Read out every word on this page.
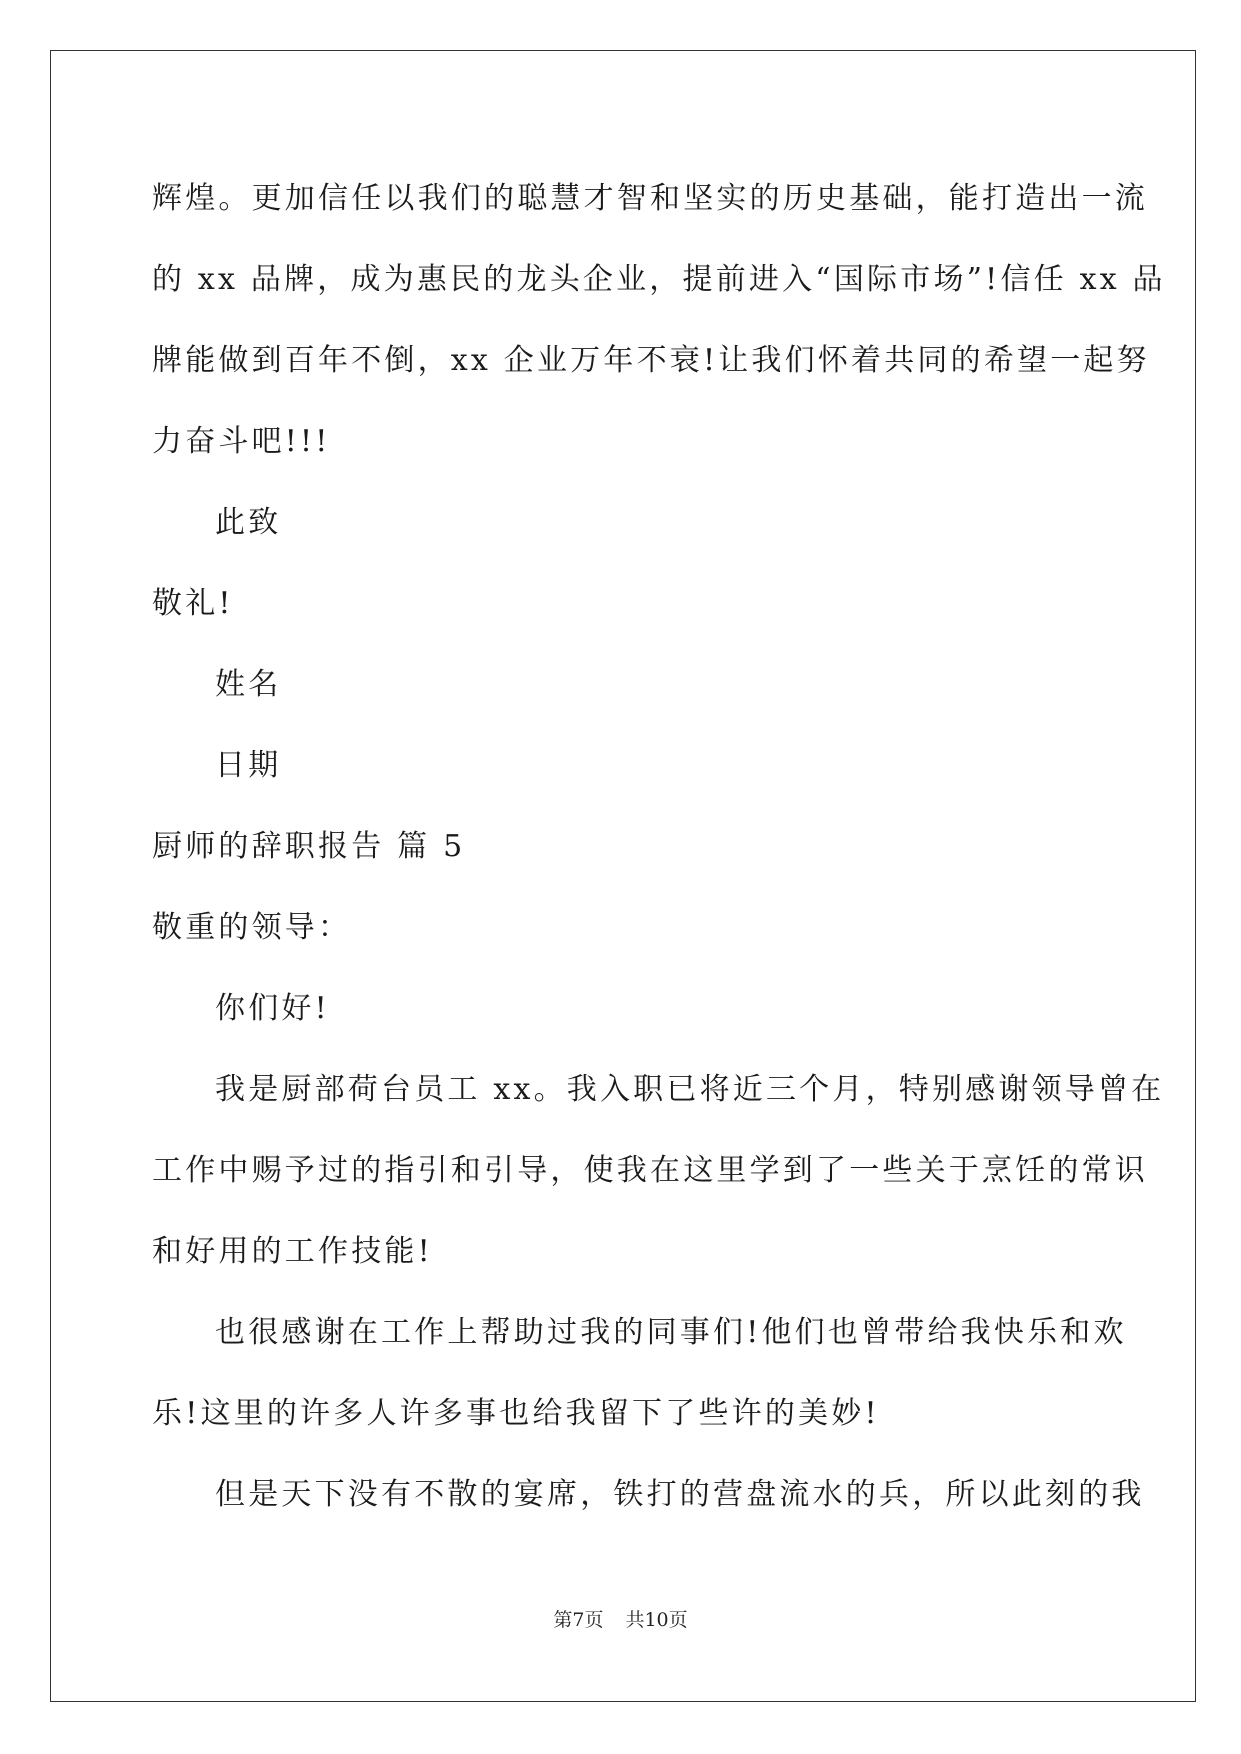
辉煌。更加信任以我们的聪慧才智和坚实的历史基础，能打造出一流
的 xx 品牌，成为惠民的龙头企业，提前进入“国际市场”!信任 xx 品
牌能做到百年不倒，xx 企业万年不衰!让我们怀着共同的希望一起努
力奋斗吧!!!
此致
敬礼!
姓名
日期
厨师的辞职报告 篇 5
敬重的领导：
你们好!
我是厨部荷台员工 xx。我入职已将近三个月，特别感谢领导曾在
工作中赐予过的指引和引导，使我在这里学到了一些关于烹饪的常识
和好用的工作技能!
也很感谢在工作上帮助过我的同事们!他们也曾带给我快乐和欢
乐!这里的许多人许多事也给我留下了些许的美妙!
但是天下没有不散的宴席，铁打的营盘流水的兵，所以此刻的我
第7页 共10页
